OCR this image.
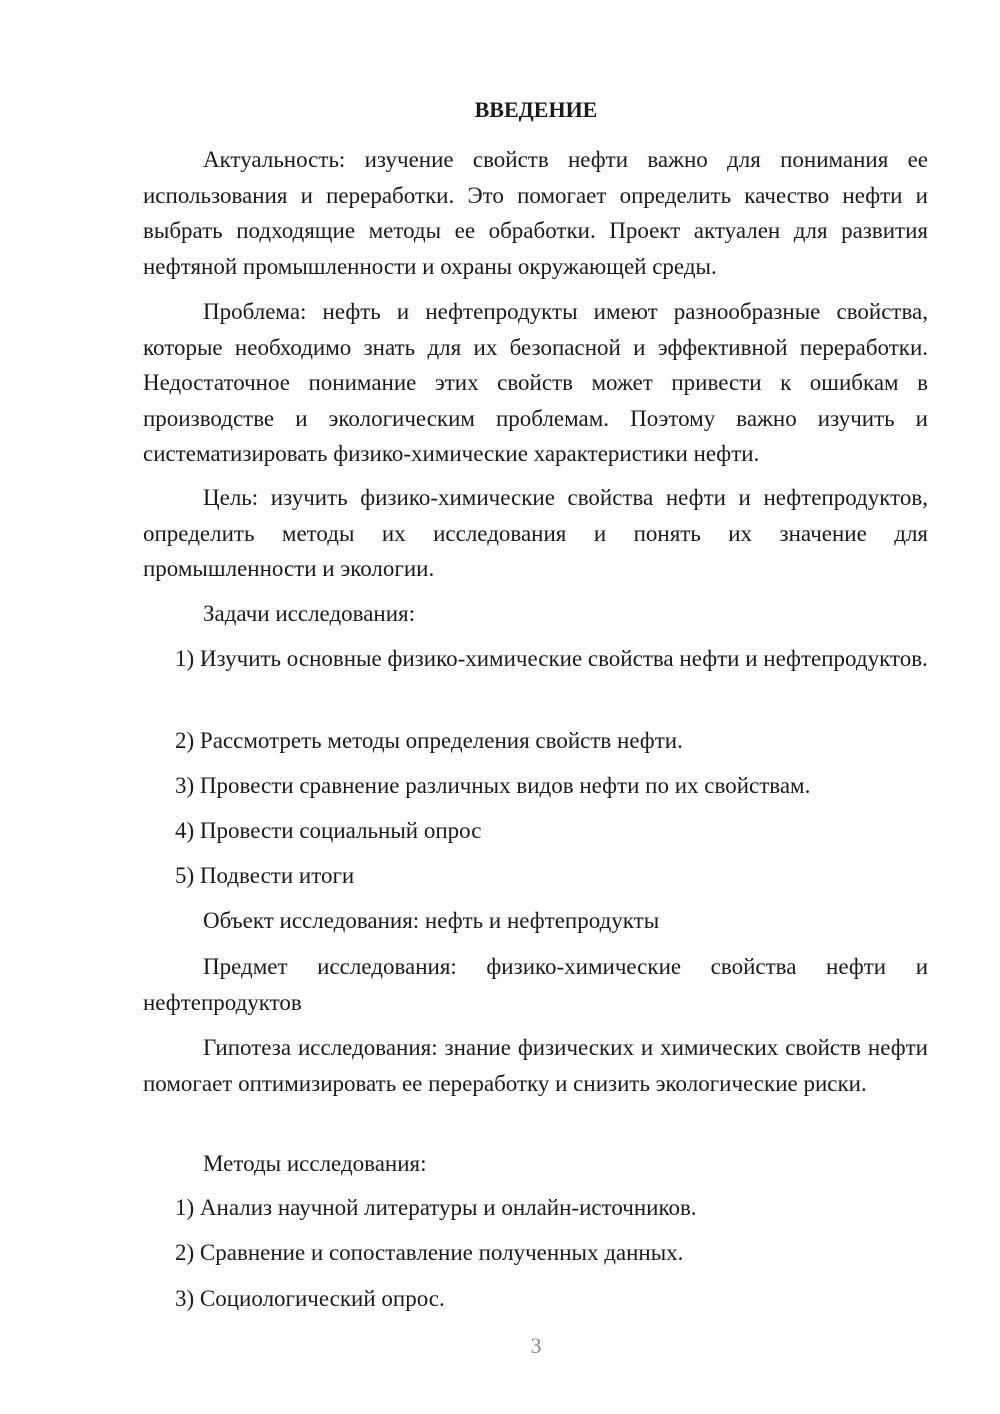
ВВЕДЕНИЕ

Актуальность: изучение свойств нефти важно для понимания ее использования и переработки. Это помогает определить качество нефти и выбрать подходящие методы ее обработки. Проект актуален для развития нефтяной промышленности и охраны окружающей среды.

Проблема: нефть и нефтепродукты имеют разнообразные свойства, которые необходимо знать для их безопасной и эффективной переработки. Недостаточное понимание этих свойств может привести к ошибкам в производстве и экологическим проблемам. Поэтому важно изучить и систематизировать физико-химические характеристики нефти.

Цель: изучить физико-химические свойства нефти и нефтепродуктов, определить методы их исследования и понять их значение для промышленности и экологии.

Задачи исследования:

1) Изучить основные физико-химические свойства нефти и нефтепродуктов.

2) Рассмотреть методы определения свойств нефти.

3) Провести сравнение различных видов нефти по их свойствам.

4) Провести социальный опрос

5) Подвести итоги

Объект исследования: нефть и нефтепродукты

Предмет исследования: физико-химические свойства нефти и нефтепродуктов

Гипотеза исследования: знание физических и химических свойств нефти помогает оптимизировать ее переработку и снизить экологические риски.

Методы исследования:

1) Анализ научной литературы и онлайн-источников.

2) Сравнение и сопоставление полученных данных.

3) Социологический опрос.

3
